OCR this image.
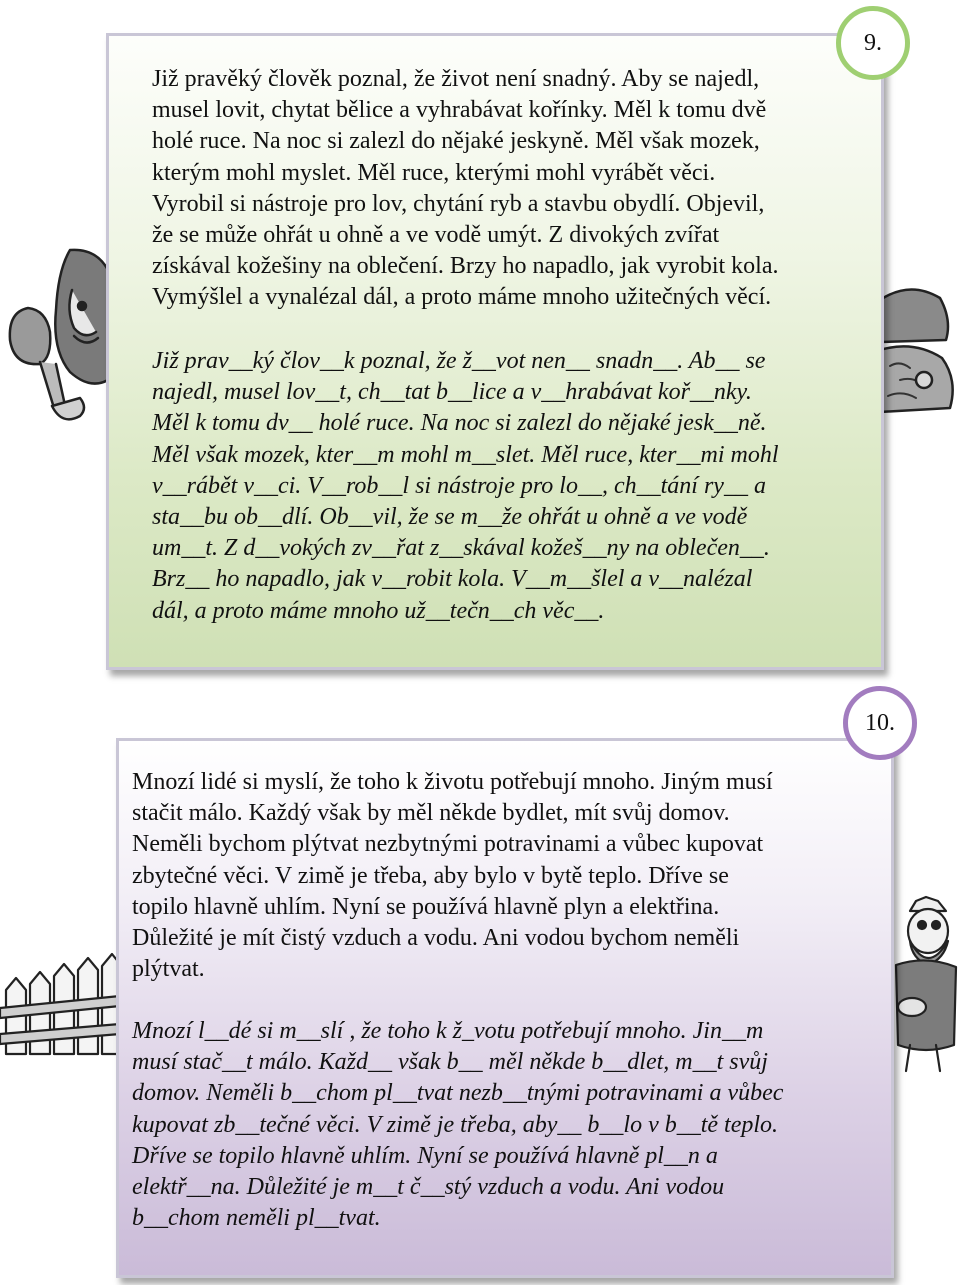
Již pravěký člověk poznal, že život není snadný. Aby se najedl,
musel lovit, chytat bělice a vyhrabávat kořínky. Měl k tomu dvě
holé ruce. Na noc si zalezl do nějaké jeskyně. Měl však mozek,
kterým mohl myslet. Měl ruce, kterými mohl vyrábět věci.
Vyrobil si nástroje pro lov, chytání ryb a stavbu obydlí. Objevil,
že se může ohřát u ohně a ve vodě umýt. Z divokých zvířat
získával kožešiny na oblečení. Brzy ho napadlo, jak vyrobit kola.
Vymýšlel a vynalézal dál, a proto máme mnoho užitečných věcí.
Již prav__ký člov__k poznal, že ž__vot nen__ snadn__. Ab__ se
najedl, musel lov__t, ch__tat b__lice a v__hrabávat koř__nky.
Měl k tomu dv__ holé ruce. Na noc si zalezl do nějaké jesk__ně.
Měl však mozek, kter__m mohl m__slet. Měl ruce, kter__mi mohl
v__rábět v__ci. V__rob__l si nástroje pro lo__, ch__tání ry__ a
sta__bu ob__dlí. Ob__vil, že se m__že ohřát u ohně a ve vodě
um__t. Z d__vokých zv__řat z__skával kožeš__ny na oblečen__.
Brz__ ho napadlo, jak v__robit kola. V__m__šlel a v__nalézal
dál, a proto máme mnoho už__tečn__ch věc__.
9.
Mnozí lidé si myslí, že toho k životu potřebují mnoho. Jiným musí
stačit málo. Každý však by měl někde bydlet, mít svůj domov.
Neměli bychom plýtvat nezbytnými potravinami a vůbec kupovat
zbytečné věci. V zimě je třeba, aby bylo v bytě teplo. Dříve se
topilo hlavně uhlím. Nyní se používá hlavně plyn a elektřina.
Důležité je mít čistý vzduch a vodu. Ani vodou bychom neměli
plýtvat.
Mnozí l__dé si m__slí , že toho k ž_votu potřebují mnoho. Jin__m
musí stač__t málo. Každ__ však b__ měl někde b__dlet, m__t svůj
domov. Neměli b__chom pl__tvat nezb__tnými potravinami a vůbec
kupovat zb__tečné věci. V zimě je třeba, aby__ b__lo v b__tě teplo.
Dříve se topilo hlavně uhlím. Nyní se používá hlavně pl__n a
elektř__na. Důležité je m__t č__stý vzduch a vodu. Ani vodou
b__chom neměli pl__tvat.
10.
